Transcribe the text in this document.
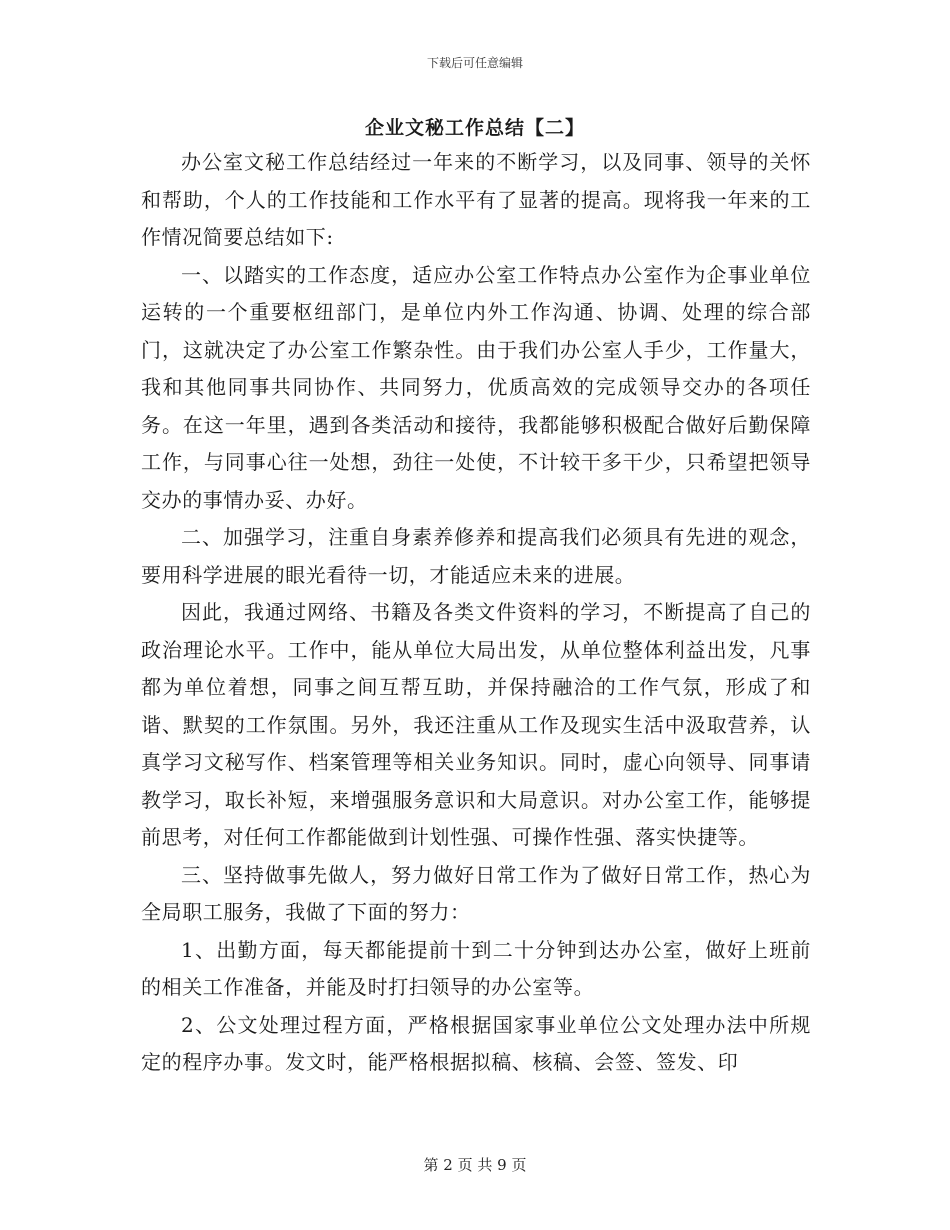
下载后可任意编辑
企业文秘工作总结【二】

办公室文秘工作总结经过一年来的不断学习，以及同事、领导的关怀和帮助，个人的工作技能和工作水平有了显著的提高。现将我一年来的工作情况简要总结如下:

一、以踏实的工作态度，适应办公室工作特点办公室作为企事业单位运转的一个重要枢纽部门，是单位内外工作沟通、协调、处理的综合部门，这就决定了办公室工作繁杂性。由于我们办公室人手少，工作量大，我和其他同事共同协作、共同努力，优质高效的完成领导交办的各项任务。在这一年里，遇到各类活动和接待，我都能够积极配合做好后勤保障工作，与同事心往一处想，劲往一处使，不计较干多干少，只希望把领导交办的事情办妥、办好。

二、加强学习，注重自身素养修养和提高我们必须具有先进的观念，要用科学进展的眼光看待一切，才能适应未来的进展。

因此，我通过网络、书籍及各类文件资料的学习，不断提高了自己的政治理论水平。工作中，能从单位大局出发，从单位整体利益出发，凡事都为单位着想，同事之间互帮互助，并保持融洽的工作气氛，形成了和谐、默契的工作氛围。另外，我还注重从工作及现实生活中汲取营养，认真学习文秘写作、档案管理等相关业务知识。同时，虚心向领导、同事请教学习，取长补短，来增强服务意识和大局意识。对办公室工作，能够提前思考，对任何工作都能做到计划性强、可操作性强、落实快捷等。

三、坚持做事先做人，努力做好日常工作为了做好日常工作，热心为全局职工服务，我做了下面的努力：

1、出勤方面，每天都能提前十到二十分钟到达办公室，做好上班前的相关工作准备，并能及时打扫领导的办公室等。

2、公文处理过程方面，严格根据国家事业单位公文处理办法中所规定的程序办事。发文时，能严格根据拟稿、核稿、会签、签发、印

第 2 页 共 9 页
